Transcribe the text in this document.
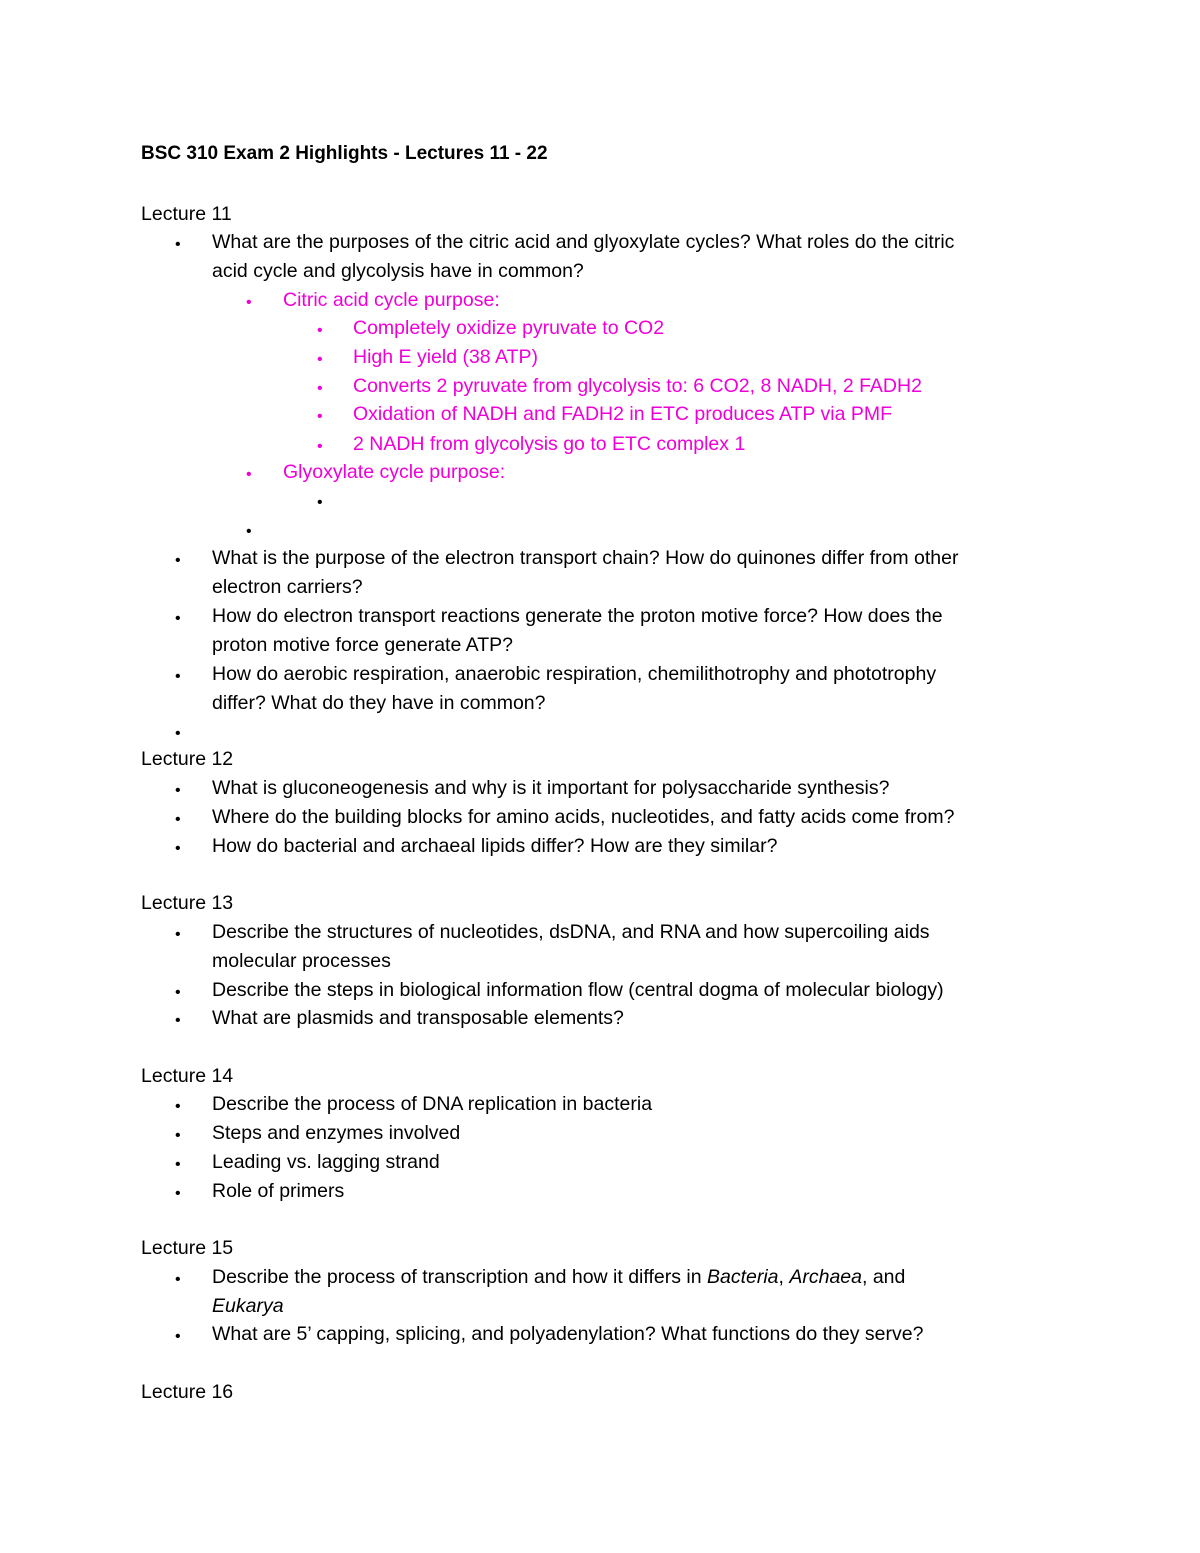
BSC 310 Exam 2 Highlights - Lectures 11 - 22
Lecture 11
• What are the purposes of the citric acid and glyoxylate cycles? What roles do the citric
acid cycle and glycolysis have in common?
• Citric acid cycle purpose:
• Completely oxidize pyruvate to CO2
• High E yield (38 ATP)
• Converts 2 pyruvate from glycolysis to: 6 CO2, 8 NADH, 2 FADH2
• Oxidation of NADH and FADH2 in ETC produces ATP via PMF
• 2 NADH from glycolysis go to ETC complex 1
• Glyoxylate cycle purpose:
•
•
• What is the purpose of the electron transport chain? How do quinones differ from other
electron carriers?
• How do electron transport reactions generate the proton motive force? How does the
proton motive force generate ATP?
• How do aerobic respiration, anaerobic respiration, chemilithotrophy and phototrophy
differ? What do they have in common?
•
Lecture 12
• What is gluconeogenesis and why is it important for polysaccharide synthesis?
• Where do the building blocks for amino acids, nucleotides, and fatty acids come from?
• How do bacterial and archaeal lipids differ? How are they similar?
Lecture 13
• Describe the structures of nucleotides, dsDNA, and RNA and how supercoiling aids
molecular processes
• Describe the steps in biological information flow (central dogma of molecular biology)
• What are plasmids and transposable elements?
Lecture 14
• Describe the process of DNA replication in bacteria
• Steps and enzymes involved
• Leading vs. lagging strand
• Role of primers
Lecture 15
• Describe the process of transcription and how it differs in Bacteria, Archaea, and
Eukarya
• What are 5’ capping, splicing, and polyadenylation? What functions do they serve?
Lecture 16
